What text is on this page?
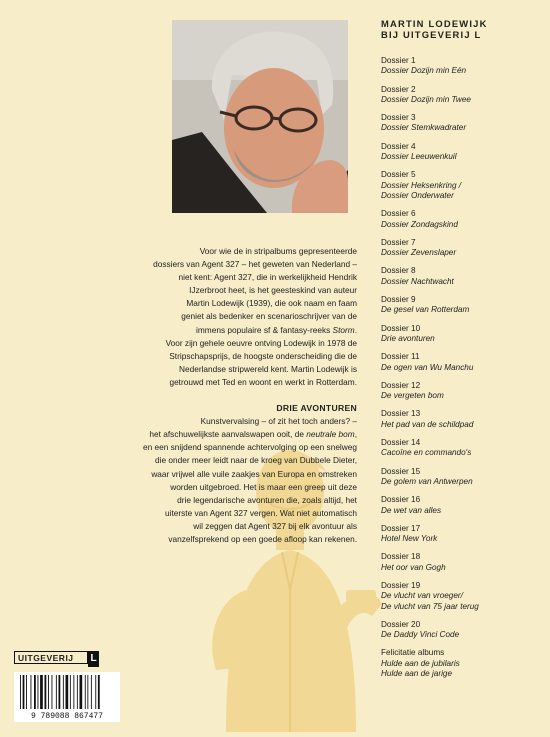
MARTIN LODEWIJK
BIJ UITGEVERIJ L
Dossier 1
Dossier Dozijn min Eén
Dossier 2
Dossier Dozijn min Twee
Dossier 3
Dossier Stemkwadrater
Dossier 4
Dossier Leeuwenkuil
Dossier 5
Dossier Heksenkring /
Dossier Onderwater
Dossier 6
Dossier Zondagskind
Dossier 7
Dossier Zevenslaper
Dossier 8
Dossier Nachtwacht
Dossier 9
De gesel van Rotterdam
Dossier 10
Drie avonturen
Dossier 11
De ogen van Wu Manchu
Dossier 12
De vergeten bom
Dossier 13
Het pad van de schildpad
Dossier 14
Cacoïne en commando's
Dossier 15
De golem van Antwerpen
Dossier 16
De wet van alles
Dossier 17
Hotel New York
Dossier 18
Het oor van Gogh
Dossier 19
De vlucht van vroeger/
De vlucht van 75 jaar terug
Dossier 20
De Daddy Vinci Code
Felicitatie albums
Hulde aan de jubilaris
Hulde aan de jarige

Voor wie de in stripalbums gepresenteerde

dossiers van Agent 327 – het geweten van Nederland –

niet kent: Agent 327, die in werkelijkheid Hendrik

IJzerbroot heet, is het geesteskind van auteur

Martin Lodewijk (1939), die ook naam en faam

geniet als bedenker en scenarioschrijver van de

immens populaire sf & fantasy-reeks Storm.

Voor zijn gehele oeuvre ontving Lodewijk in 1978 de

Stripschapsprijs, de hoogste onderscheiding die de

Nederlandse stripwereld kent. Martin Lodewijk is

getrouwd met Ted en woont en werkt in Rotterdam.

DRIE AVONTUREN

Kunstvervalsing – of zit het toch anders? –

het afschuwelijkste aanvalswapen ooit, de neutrale bom,

en een snijdend spannende achtervolging op een snelweg

die onder meer leidt naar de kroeg van Dubbele Dieter,

waar vrijwel alle vuile zaakjes van Europa en omstreken

worden uitgebroed. Het is maar een greep uit deze

drie legendarische avonturen die, zoals altijd, het

uiterste van Agent 327 vergen. Wat niet automatisch

wil zeggen dat Agent 327 bij elk avontuur als

vanzelfsprekend op een goede afloop kan rekenen.

UITGEVERIJ	L
9 789088 867477
